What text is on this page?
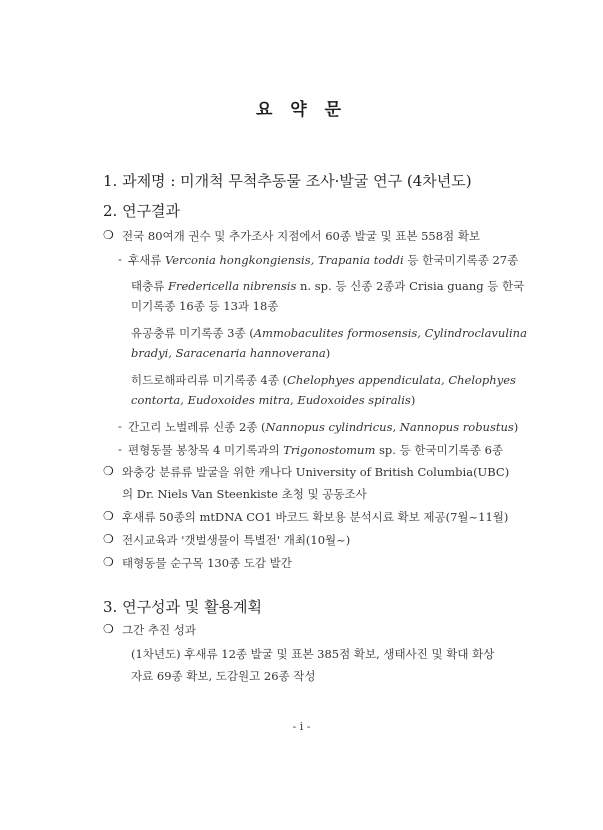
요 약 문
1. 과제명 : 미개척 무척추동물 조사·발굴 연구 (4차년도)
2. 연구결과
❍ 전국 80여개 권수 및 추가조사 지점에서 60종 발굴 및 표본 558점 확보
- 후새류 Verconia hongkongiensis, Trapania toddi 등 한국미기록종 27종
태충류 Fredericella nibrensis n. sp. 등 신종 2종과 Crisia guang 등 한국
미기록종 16종 등 13과 18종
유공충류 미기록종 3종 (Ammobaculites formosensis, Cylindroclavulina
bradyi, Saracenaria hannoverana)
히드로해파리류 미기록종 4종 (Chelophyes appendiculata, Chelophyes
contorta, Eudoxoides mitra, Eudoxoides spiralis)
- 간고리 노벌레류 신종 2종 (Nannopus cylindricus, Nannopus robustus)
- 편형동물 봉창목 4 미기록과의 Trigonostomum sp. 등 한국미기록종 6종
❍ 와충강 분류류 발굴을 위한 캐나다 University of British Columbia(UBC)
의 Dr. Niels Van Steenkiste 초청 및 공동조사
❍ 후새류 50종의 mtDNA CO1 바코드 확보용 분석시료 확보 제공(7월~11월)
❍ 전시교육과 '갯벌생물이 특별전' 개최(10월~)
❍ 태형동물 순구목 130종 도감 발간
3. 연구성과 및 활용계획
❍ 그간 추진 성과
(1차년도) 후새류 12종 발굴 및 표본 385점 확보, 생태사진 및 확대 화상
자료 69종 확보, 도감원고 26종 작성
- i -
